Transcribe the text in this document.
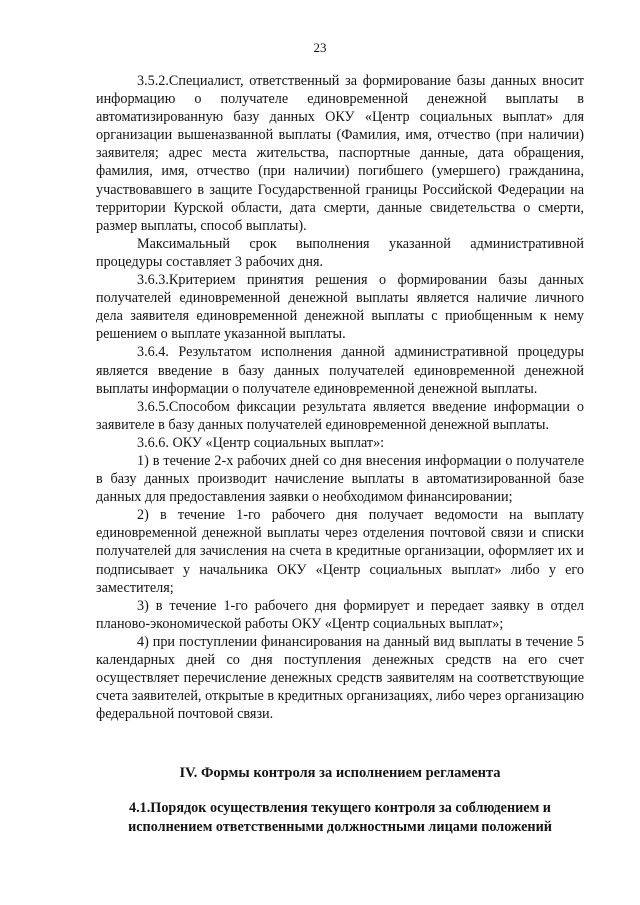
23

3.5.2.Специалист, ответственный за формирование базы данных вносит информацию о получателе единовременной денежной выплаты в автоматизированную базу данных ОКУ «Центр социальных выплат» для организации вышеназванной выплаты (Фамилия, имя, отчество (при наличии) заявителя; адрес места жительства, паспортные данные, дата обращения, фамилия, имя, отчество (при наличии) погибшего (умершего) гражданина, участвовавшего в защите Государственной границы Российской Федерации на территории Курской области, дата смерти, данные свидетельства о смерти, размер выплаты, способ выплаты).

Максимальный срок выполнения указанной административной процедуры составляет 3 рабочих дня.

3.6.3.Критерием принятия решения о формировании базы данных получателей единовременной денежной выплаты является наличие личного дела заявителя единовременной денежной выплаты с приобщенным к нему решением о выплате указанной выплаты.

3.6.4. Результатом исполнения данной административной процедуры является введение в базу данных получателей единовременной денежной выплаты информации о получателе единовременной денежной выплаты.

3.6.5.Способом фиксации результата является введение информации о заявителе в базу данных получателей единовременной денежной выплаты.

3.6.6. ОКУ «Центр социальных выплат»:

1) в течение 2-х рабочих дней со дня внесения информации о получателе в базу данных производит начисление выплаты в автоматизированной базе данных для предоставления заявки о необходимом финансировании;

2) в течение 1-го рабочего дня получает ведомости на выплату единовременной денежной выплаты через отделения почтовой связи и списки получателей для зачисления на счета в кредитные организации, оформляет их и подписывает у начальника ОКУ «Центр социальных выплат» либо у его заместителя;

3) в течение 1-го рабочего дня формирует и передает заявку в отдел планово-экономической работы ОКУ «Центр социальных выплат»;

4) при поступлении финансирования на данный вид выплаты в течение 5 календарных дней со дня поступления денежных средств на его счет осуществляет перечисление денежных средств заявителям на соответствующие счета заявителей, открытые в кредитных организациях, либо через организацию федеральной почтовой связи.

IV. Формы контроля за исполнением регламента
4.1.Порядок осуществления текущего контроля за соблюдением и исполнением ответственными должностными лицами положений
